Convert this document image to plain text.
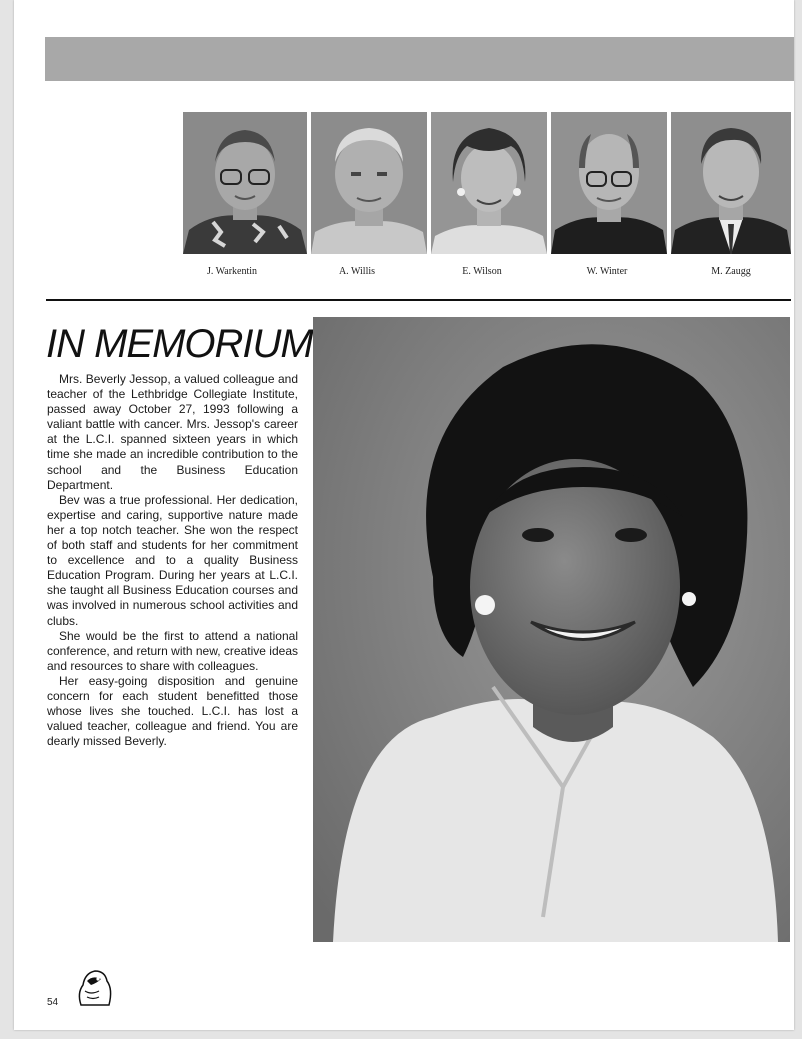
J. Warkentin	A. Willis	E. Wilson	W. Winter	M. Zaugg
IN MEMORIUM

Mrs. Beverly Jessop, a valued colleague and teacher of the Lethbridge Collegiate Institute, passed away October 27, 1993 following a valiant battle with cancer. Mrs. Jessop's career at the L.C.I. spanned sixteen years in which time she made an incredible contribution to the school and the Business Education Department.

Bev was a true professional. Her dedication, expertise and caring, supportive nature made her a top notch teacher. She won the respect of both staff and students for her commitment to excellence and to a quality Business Education Program. During her years at L.C.I. she taught all Business Education courses and was involved in numerous school activities and clubs.

She would be the first to attend a national conference, and return with new, creative ideas and resources to share with colleagues.

Her easy-going disposition and genuine concern for each student benefitted those whose lives she touched. L.C.I. has lost a valued teacher, colleague and friend. You are dearly missed Beverly.

54
